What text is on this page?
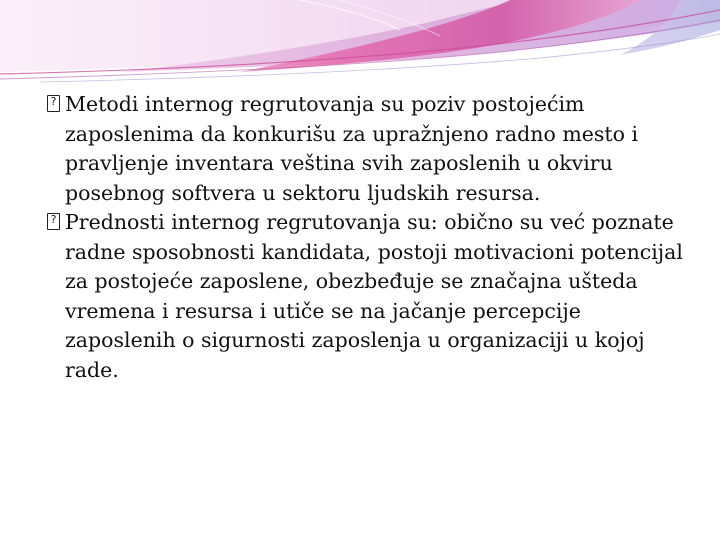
?
Metodi internog regrutovanja su poziv postojećim zaposlenima da konkurišu za upražnjeno radno mesto i pravljenje inventara veština svih zaposlenih u okviru posebnog softvera u sektoru ljudskih resursa.

?
Prednosti internog regrutovanja su: obično su već poznate radne sposobnosti kandidata, postoji motivacioni potencijal za postojeće zaposlene, obezbeđuje se značajna ušteda vremena i resursa i utiče se na jačanje percepcije zaposlenih o sigurnosti zaposlenja u organizaciji u kojoj rade.
